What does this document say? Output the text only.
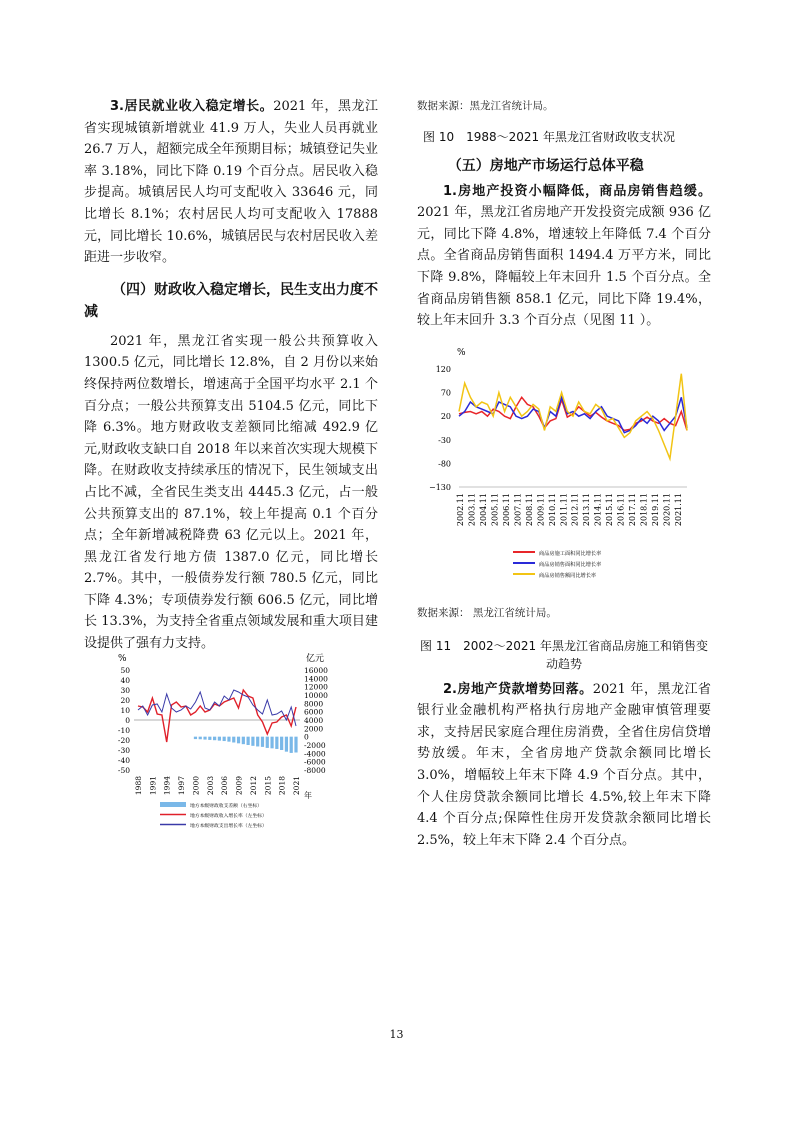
3.居民就业收入稳定增长。2021 年，黑龙江省实现城镇新增就业 41.9 万人，失业人员再就业 26.7 万人，超额完成全年预期目标；城镇登记失业率 3.18%，同比下降 0.19 个百分点。居民收入稳步提高。城镇居民人均可支配收入 33646 元，同比增长 8.1%；农村居民人均可支配收入 17888 元，同比增长 10.6%，城镇居民与农村居民收入差距进一步收窄。

（四）财政收入稳定增长，民生支出力度不减

2021 年，黑龙江省实现一般公共预算收入 1300.5 亿元，同比增长 12.8%，自 2 月份以来始终保持两位数增长，增速高于全国平均水平 2.1 个百分点；一般公共预算支出 5104.5 亿元，同比下降 6.3%。地方财政收支差额同比缩减 492.9 亿元,财政收支缺口自 2018 年以来首次实现大规模下降。在财政收支持续承压的情况下，民生领域支出占比不减，全省民生类支出 4445.3 亿元，占一般公共预算支出的 87.1%，较上年提高 0.1 个百分点；全年新增减税降费 63 亿元以上。2021 年，黑龙江省发行地方债 1387.0 亿元，同比增长 2.7%。其中，一般债券发行额 780.5 亿元，同比下降 4.3%；专项债券发行额 606.5 亿元，同比增长 13.3%，为支持全省重点领域发展和重大项目建设提供了强有力支持。

%	亿元
50
40
30
20
10
0
-10
-20
-30
-40
-50
16000
14000
12000
10000
8000
6000
4000
2000
0
-2000
-4000
-6000
-8000
1988 1991 1994 1997 2000 2003 2006 2009 2012 2015 2018 2021
年
地方本级财政收支差额（右坐标）
地方本级财政收入增长率（左坐标）
地方本级财政支出增长率（左坐标）
数据来源：黑龙江省统计局。
图 10　1988～2021 年黑龙江省财政收支状况
（五）房地产市场运行总体平稳

1.房地产投资小幅降低，商品房销售趋缓。2021 年，黑龙江省房地产开发投资完成额 936 亿元，同比下降 4.8%，增速较上年降低 7.4 个百分点。全省商品房销售面积 1494.4 万平方米，同比下降 9.8%，降幅较上年末回升 1.5 个百分点。全省商品房销售额 858.1 亿元，同比下降 19.4%，较上年末回升 3.3 个百分点（见图 11 ）。

%
120
70
20
-30
-80
−130
2002.11 2003.11 2004.11 2005.11 2006.11 2007.11 2008.11 2009.11 2010.11 2011.11 2012.11 2013.11 2014.11 2015.11 2016.11 2017.11 2018.11 2019.11 2020.11 2021.11
商品房施工面积同比增长率
商品房销售面积同比增长率
商品房销售额同比增长率
数据来源： 黑龙江省统计局。
图 11　2002～2021 年黑龙江省商品房施工和销售变动趋势

2.房地产贷款增势回落。2021 年，黑龙江省银行业金融机构严格执行房地产金融审慎管理要求，支持居民家庭合理住房消费，全省住房信贷增势放缓。年末，全省房地产贷款余额同比增长 3.0%，增幅较上年末下降 4.9 个百分点。其中，个人住房贷款余额同比增长 4.5%,较上年末下降 4.4 个百分点;保障性住房开发贷款余额同比增长 2.5%，较上年末下降 2.4 个百分点。

13
